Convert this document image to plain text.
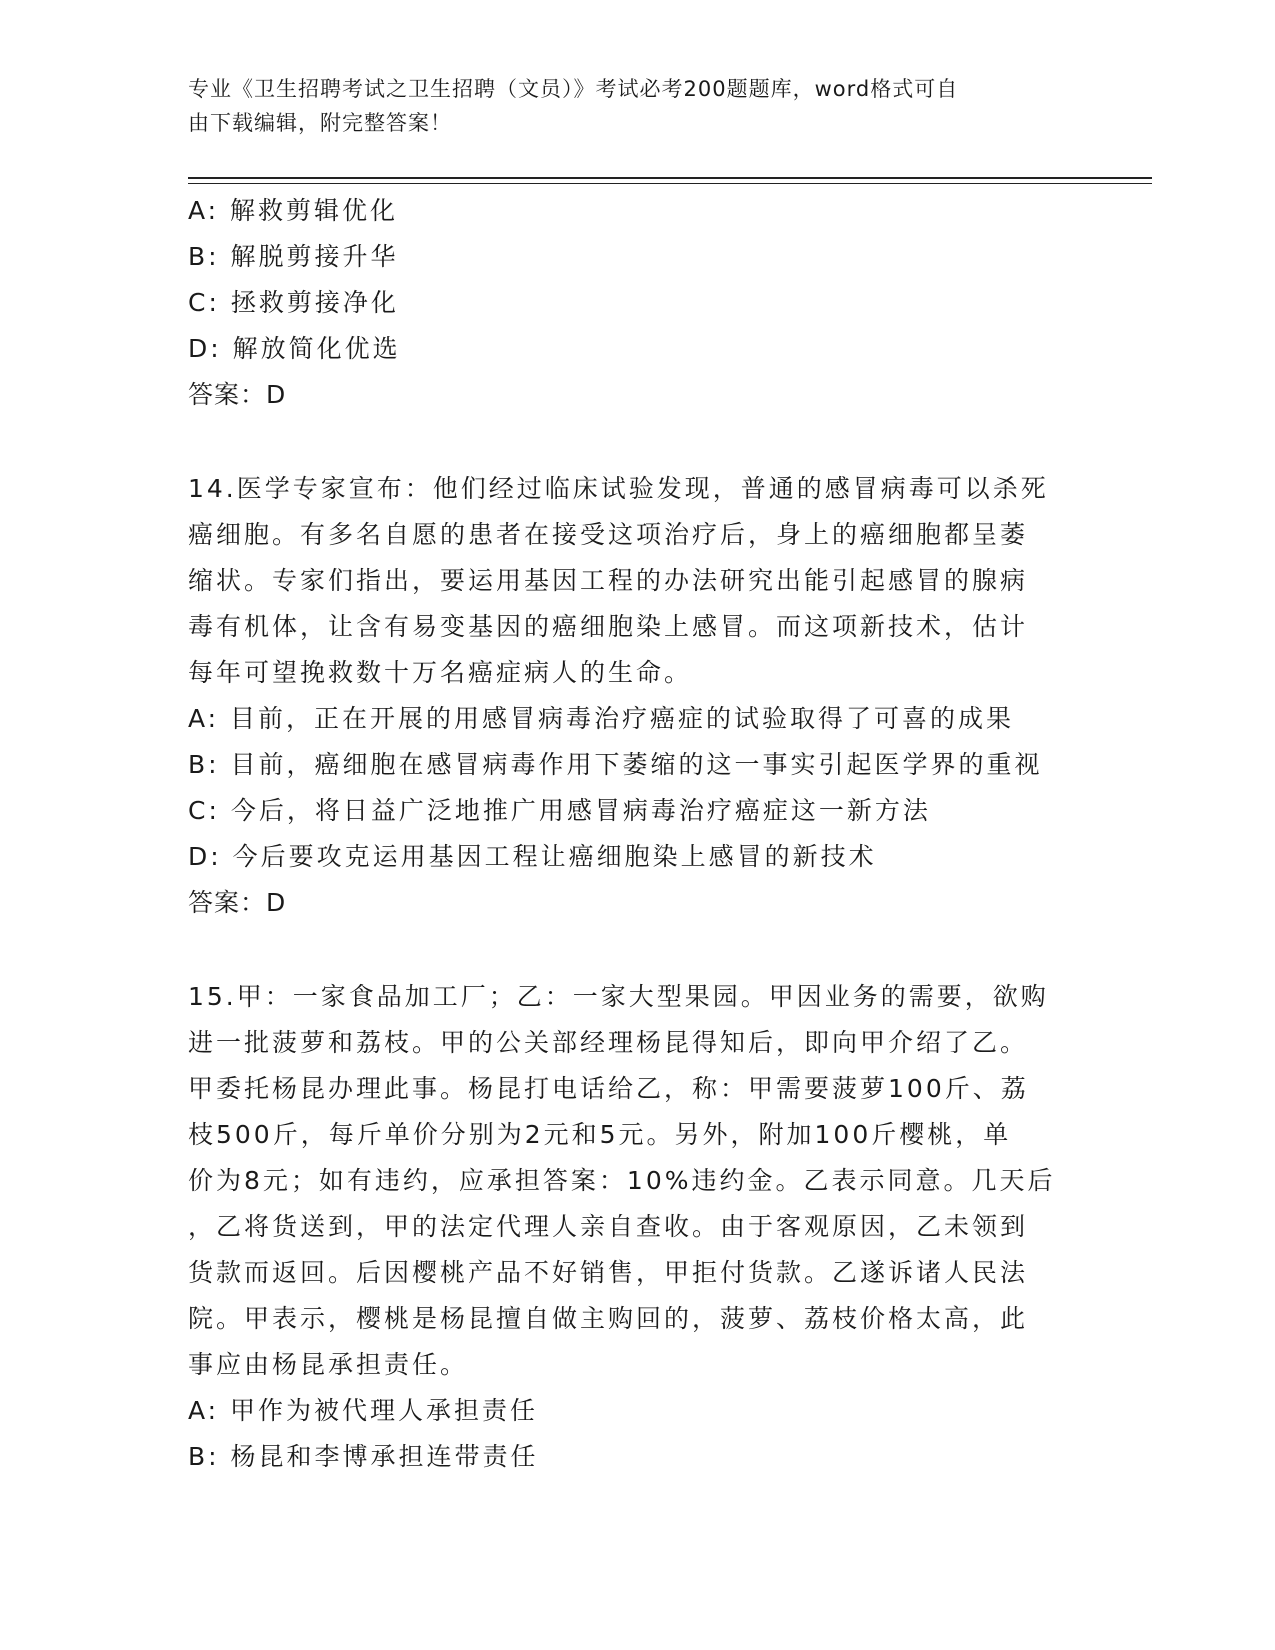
专业《卫生招聘考试之卫生招聘（文员）》考试必考200题题库，word格式可自
由下载编辑，附完整答案！
A: 解救剪辑优化
B: 解脱剪接升华
C: 拯救剪接净化
D: 解放简化优选
答案：D
14.医学专家宣布：他们经过临床试验发现，普通的感冒病毒可以杀死
癌细胞。有多名自愿的患者在接受这项治疗后，身上的癌细胞都呈萎
缩状。专家们指出，要运用基因工程的办法研究出能引起感冒的腺病
毒有机体，让含有易变基因的癌细胞染上感冒。而这项新技术，估计
每年可望挽救数十万名癌症病人的生命。
A: 目前，正在开展的用感冒病毒治疗癌症的试验取得了可喜的成果
B: 目前，癌细胞在感冒病毒作用下萎缩的这一事实引起医学界的重视
C: 今后，将日益广泛地推广用感冒病毒治疗癌症这一新方法
D: 今后要攻克运用基因工程让癌细胞染上感冒的新技术
答案：D
15.甲：一家食品加工厂；乙：一家大型果园。甲因业务的需要，欲购
进一批菠萝和荔枝。甲的公关部经理杨昆得知后，即向甲介绍了乙。
甲委托杨昆办理此事。杨昆打电话给乙，称：甲需要菠萝100斤、荔
枝500斤，每斤单价分别为2元和5元。另外，附加100斤樱桃，单
价为8元；如有违约，应承担答案：10%违约金。乙表示同意。几天后
，乙将货送到，甲的法定代理人亲自查收。由于客观原因，乙未领到
货款而返回。后因樱桃产品不好销售，甲拒付货款。乙遂诉诸人民法
院。甲表示，樱桃是杨昆擅自做主购回的，菠萝、荔枝价格太高，此
事应由杨昆承担责任。
A: 甲作为被代理人承担责任
B: 杨昆和李博承担连带责任
